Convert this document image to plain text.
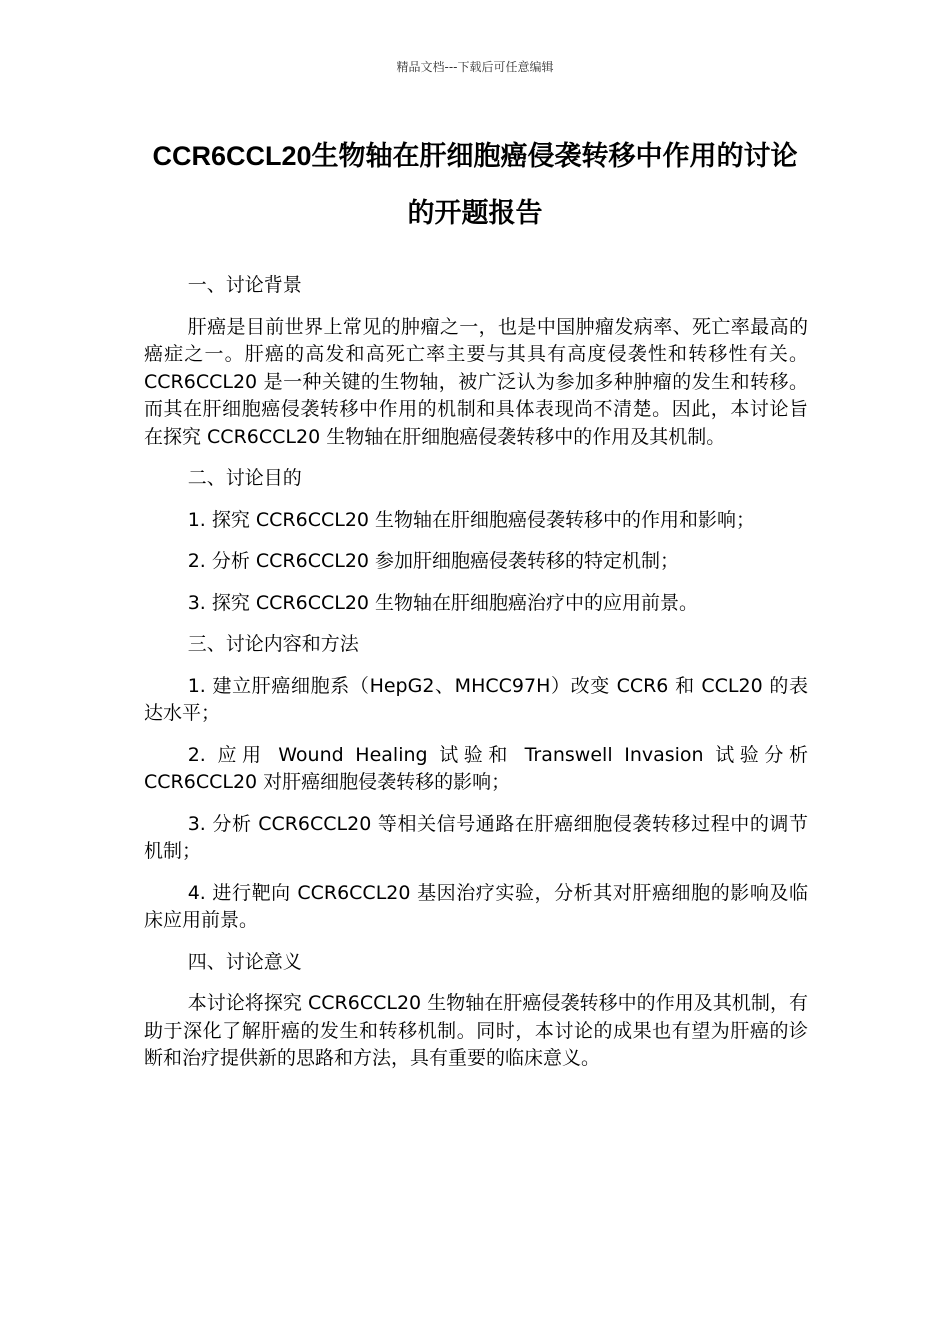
精品文档---下载后可任意编辑
CCR6CCL20生物轴在肝细胞癌侵袭转移中作用的讨论的开题报告

一、讨论背景

肝癌是目前世界上常见的肿瘤之一，也是中国肿瘤发病率、死亡率最高的癌症之一。肝癌的高发和高死亡率主要与其具有高度侵袭性和转移性有关。CCR6CCL20 是一种关键的生物轴，被广泛认为参加多种肿瘤的发生和转移。而其在肝细胞癌侵袭转移中作用的机制和具体表现尚不清楚。因此，本讨论旨在探究 CCR6CCL20 生物轴在肝细胞癌侵袭转移中的作用及其机制。

二、讨论目的

1. 探究 CCR6CCL20 生物轴在肝细胞癌侵袭转移中的作用和影响；

2. 分析 CCR6CCL20 参加肝细胞癌侵袭转移的特定机制；

3. 探究 CCR6CCL20 生物轴在肝细胞癌治疗中的应用前景。

三、讨论内容和方法

1. 建立肝癌细胞系（HepG2、MHCC97H）改变 CCR6 和 CCL20 的表达水平；

2. 应用 Wound Healing 试验和 Transwell Invasion 试验分析 CCR6CCL20 对肝癌细胞侵袭转移的影响；

3. 分析 CCR6CCL20 等相关信号通路在肝癌细胞侵袭转移过程中的调节机制；

4. 进行靶向 CCR6CCL20 基因治疗实验，分析其对肝癌细胞的影响及临床应用前景。

四、讨论意义

本讨论将探究 CCR6CCL20 生物轴在肝癌侵袭转移中的作用及其机制，有助于深化了解肝癌的发生和转移机制。同时，本讨论的成果也有望为肝癌的诊断和治疗提供新的思路和方法，具有重要的临床意义。
